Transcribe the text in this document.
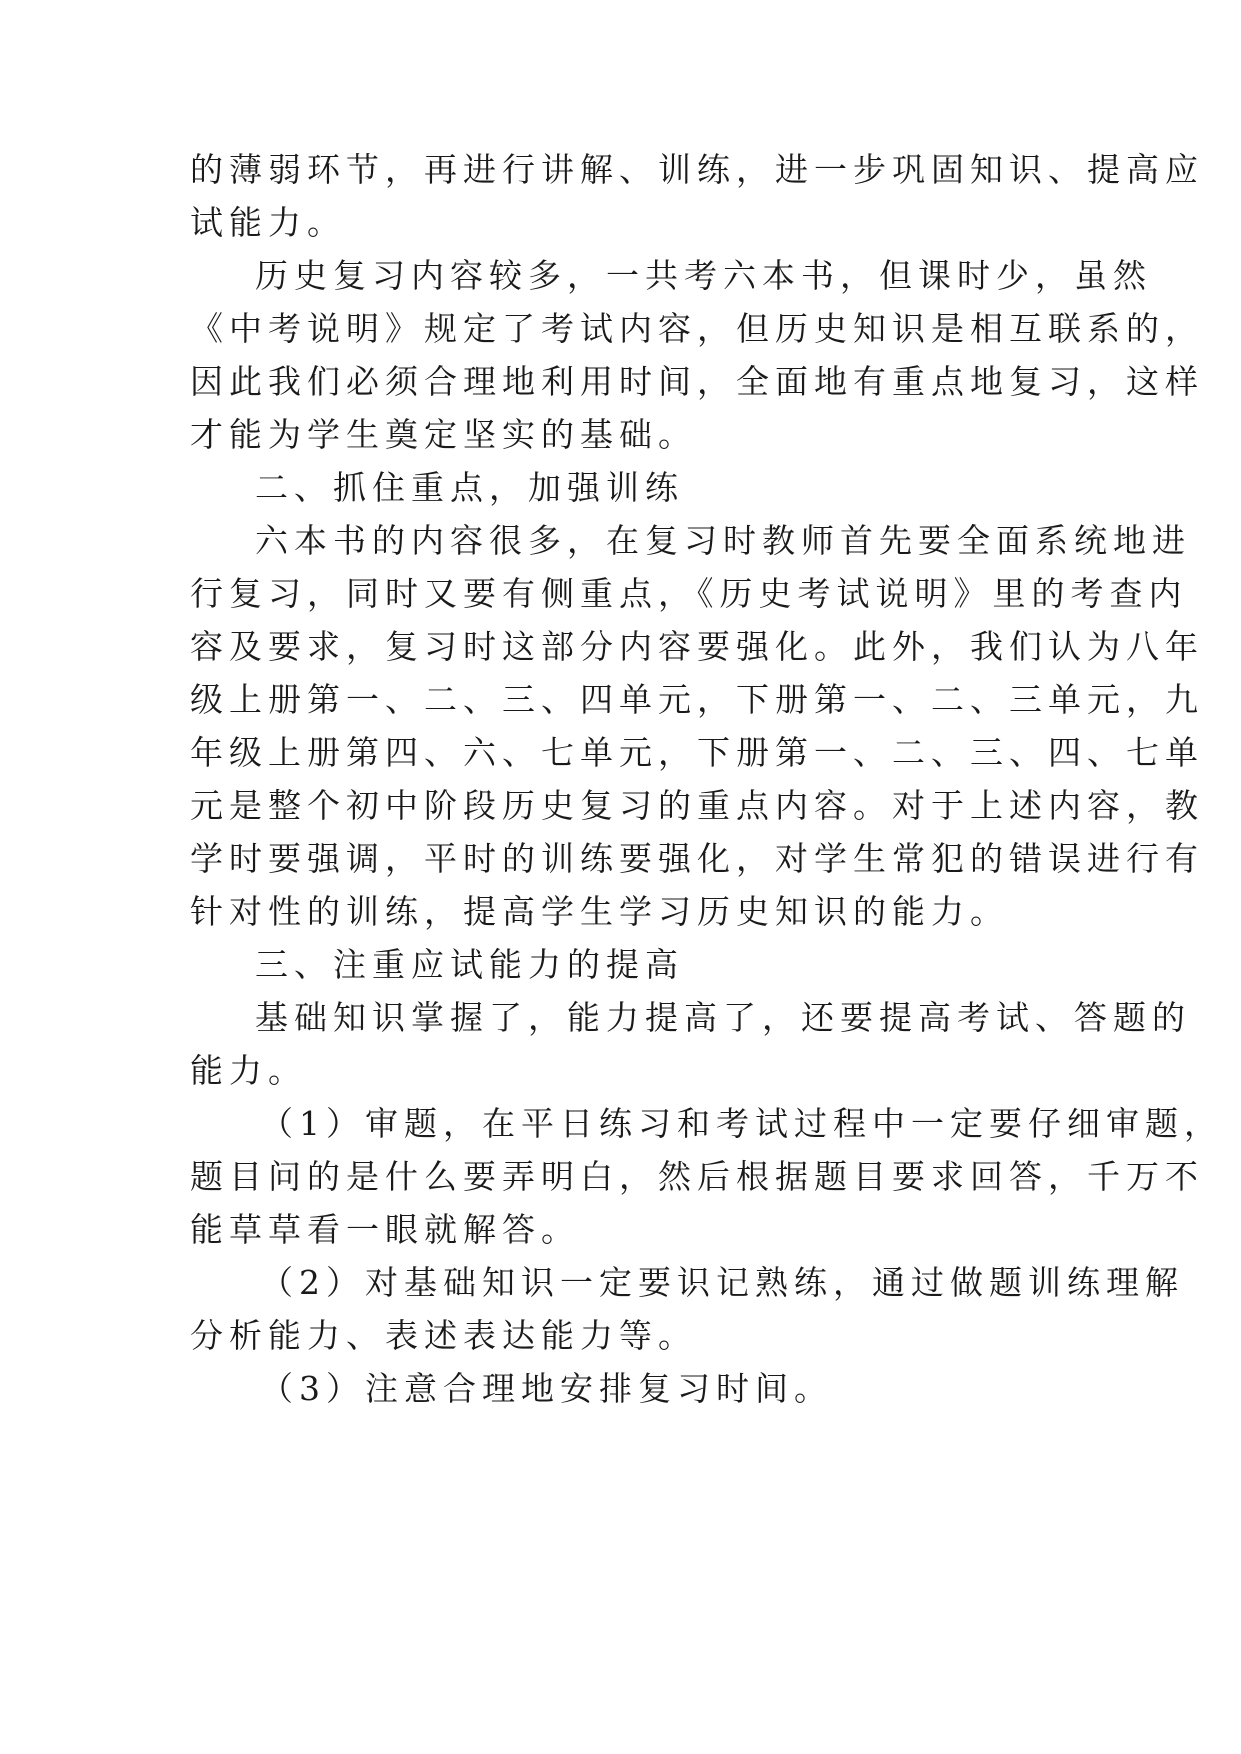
的薄弱环节，再进行讲解、训练，进一步巩固知识、提高应

试能力。

历史复习内容较多，一共考六本书，但课时少，虽然

《中考说明》规定了考试内容，但历史知识是相互联系的，

因此我们必须合理地利用时间，全面地有重点地复习，这样

才能为学生奠定坚实的基础。

二、抓住重点，加强训练

六本书的内容很多，在复习时教师首先要全面系统地进

行复习，同时又要有侧重点，《历史考试说明》里的考查内

容及要求，复习时这部分内容要强化。此外，我们认为八年

级上册第一、二、三、四单元，下册第一、二、三单元，九

年级上册第四、六、七单元，下册第一、二、三、四、七单

元是整个初中阶段历史复习的重点内容。对于上述内容，教

学时要强调，平时的训练要强化，对学生常犯的错误进行有

针对性的训练，提高学生学习历史知识的能力。

三、注重应试能力的提高

基础知识掌握了，能力提高了，还要提高考试、答题的

能力。

（1）审题，在平日练习和考试过程中一定要仔细审题，

题目问的是什么要弄明白，然后根据题目要求回答，千万不

能草草看一眼就解答。

（2）对基础知识一定要识记熟练，通过做题训练理解

分析能力、表述表达能力等。

（3）注意合理地安排复习时间。
